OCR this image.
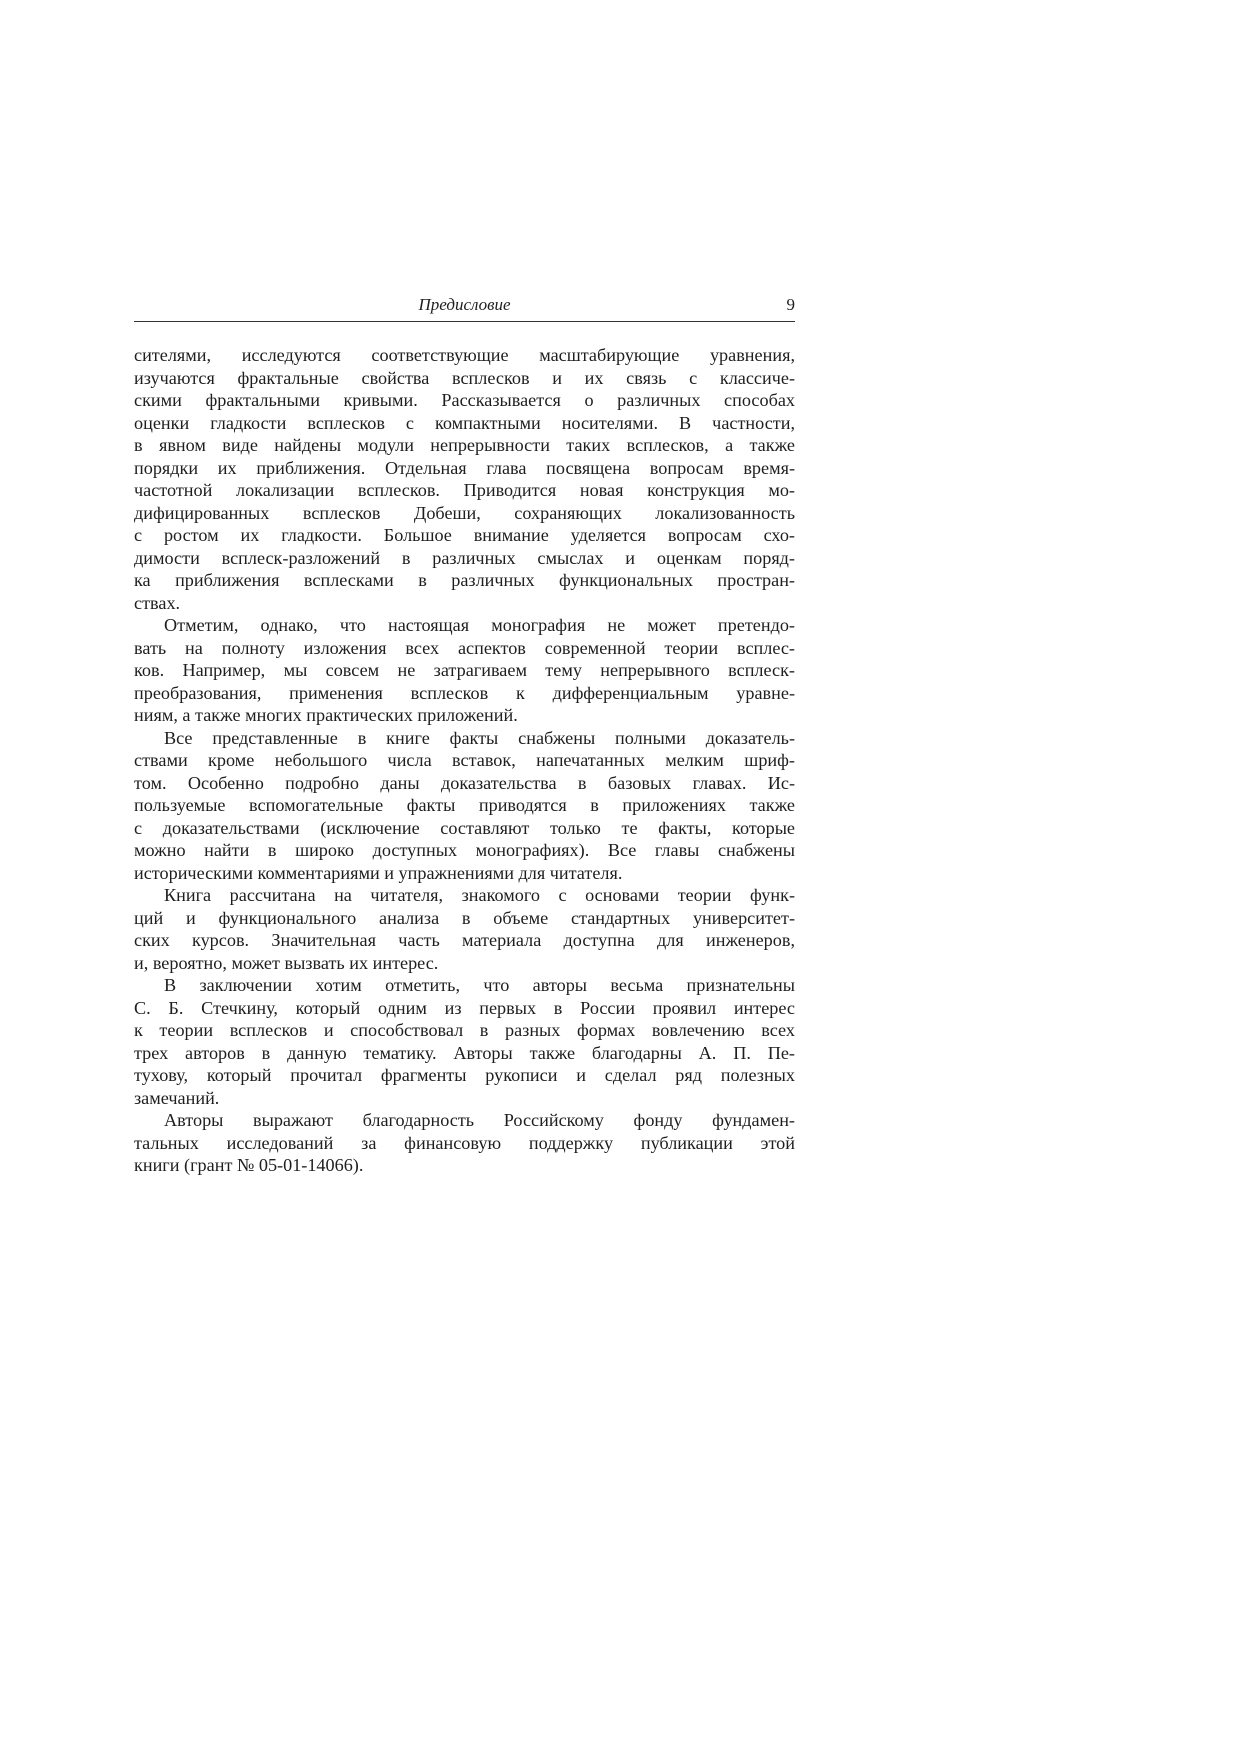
Предисловие	9

сителями, исследуются соответствующие масштабирующие уравнения,
изучаются фрактальные свойства всплесков и их связь с классиче-
скими фрактальными кривыми. Рассказывается о различных способах
оценки гладкости всплесков с компактными носителями. В частности,
в явном виде найдены модули непрерывности таких всплесков, а также
порядки их приближения. Отдельная глава посвящена вопросам время-
частотной локализации всплесков. Приводится новая конструкция мо-
дифицированных всплесков Добеши, сохраняющих локализованность
с ростом их гладкости. Большое внимание уделяется вопросам схо-
димости всплеск-разложений в различных смыслах и оценкам поряд-
ка приближения всплесками в различных функциональных простран-
ствах.

Отметим, однако, что настоящая монография не может претендо-
вать на полноту изложения всех аспектов современной теории всплес-
ков. Например, мы совсем не затрагиваем тему непрерывного всплеск-
преобразования, применения всплесков к дифференциальным уравне-
ниям, а также многих практических приложений.

Все представленные в книге факты снабжены полными доказатель-
ствами кроме небольшого числа вставок, напечатанных мелким шриф-
том. Особенно подробно даны доказательства в базовых главах. Ис-
пользуемые вспомогательные факты приводятся в приложениях также
с доказательствами (исключение составляют только те факты, которые
можно найти в широко доступных монографиях). Все главы снабжены
историческими комментариями и упражнениями для читателя.

Книга рассчитана на читателя, знакомого с основами теории функ-
ций и функционального анализа в объеме стандартных университет-
ских курсов. Значительная часть материала доступна для инженеров,
и, вероятно, может вызвать их интерес.

В заключении хотим отметить, что авторы весьма признательны
С. Б. Стечкину, который одним из первых в России проявил интерес
к теории всплесков и способствовал в разных формах вовлечению всех
трех авторов в данную тематику. Авторы также благодарны А. П. Пе-
тухову, который прочитал фрагменты рукописи и сделал ряд полезных
замечаний.

Авторы выражают благодарность Российскому фонду фундамен-
тальных исследований за финансовую поддержку публикации этой
книги (грант № 05-01-14066).
